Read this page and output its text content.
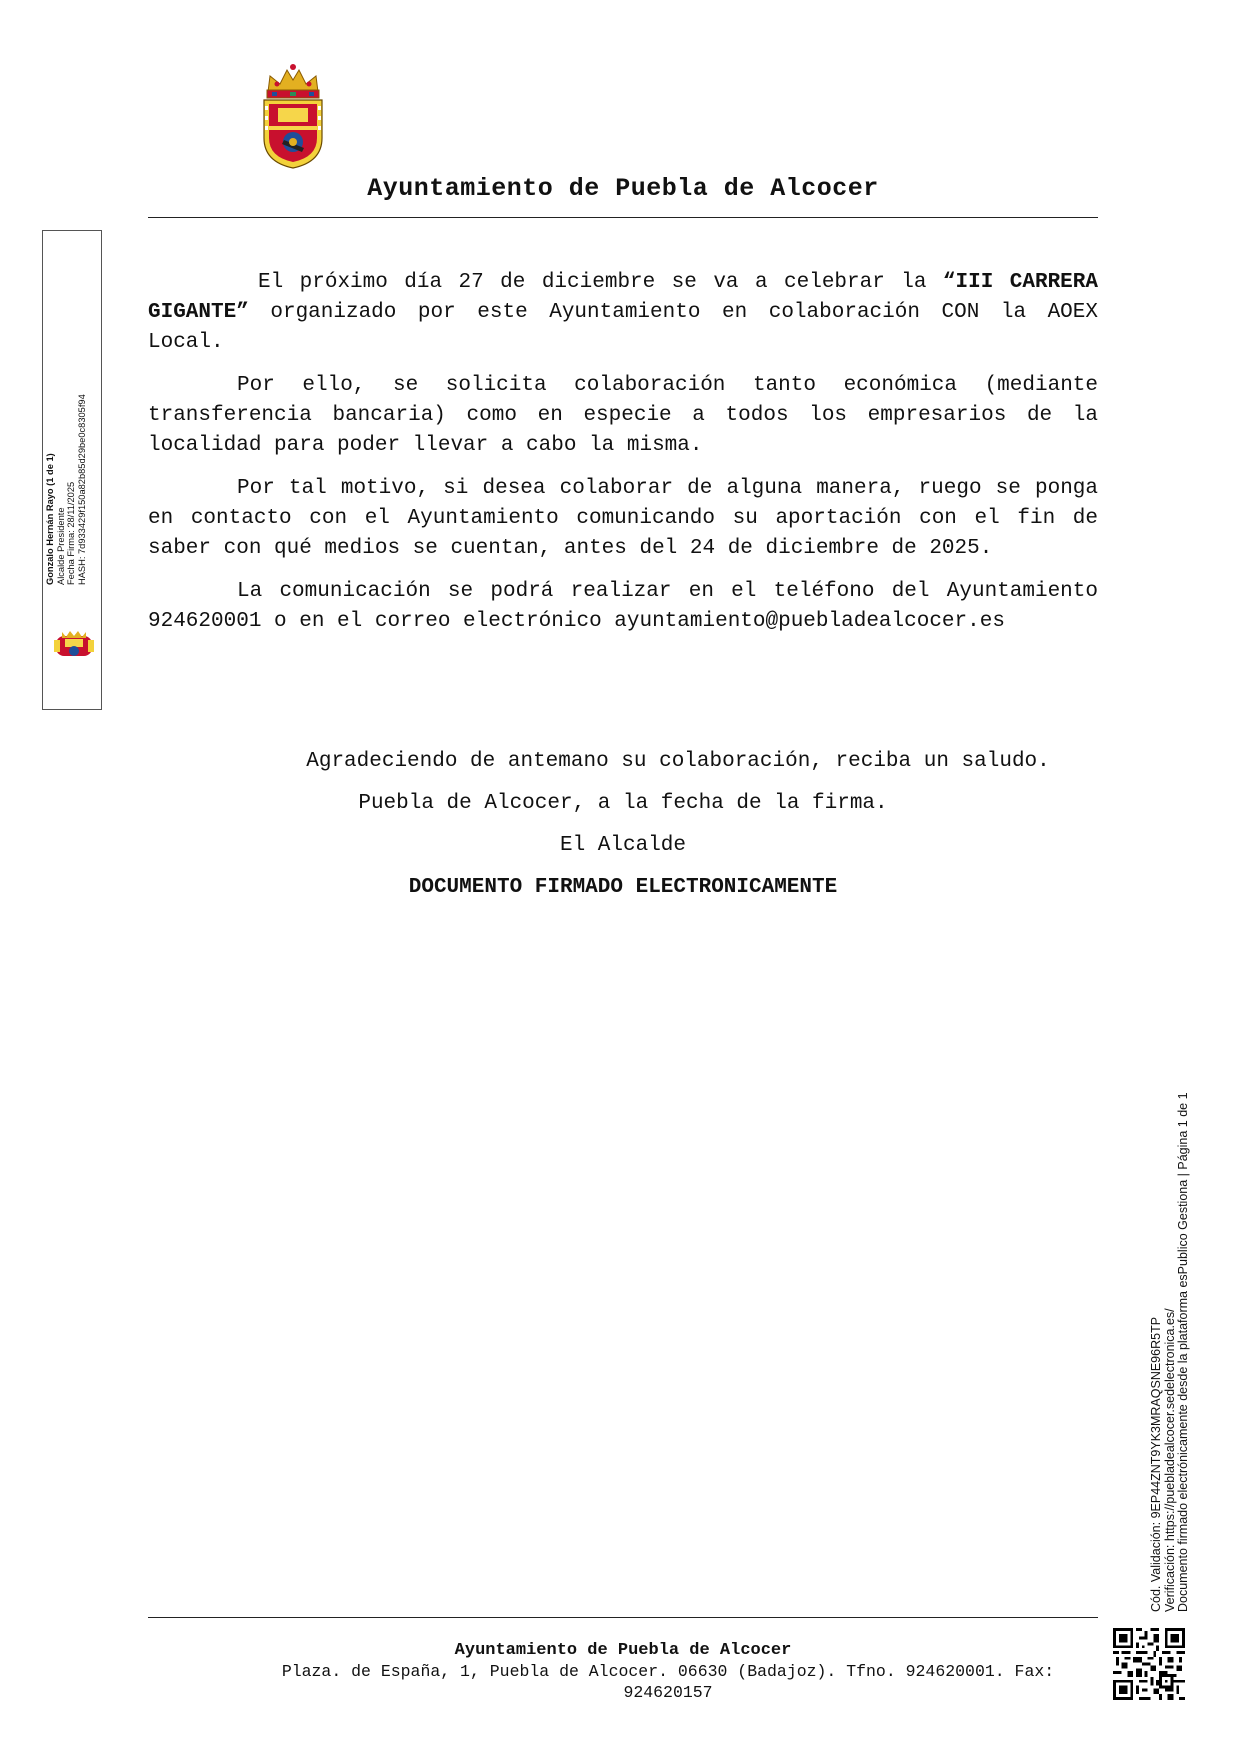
Ayuntamiento de Puebla de Alcocer
Gonzalo Hernán Rayo (1 de 1) Alcalde Presidente Fecha Firma: 28/11/2025 HASH: 7d933429f150a82b85d29be0c8305f94

El próximo día 27 de diciembre se va a celebrar la “III CARRERA GIGANTE” organizado por este Ayuntamiento en colaboración CON la AOEX Local.

Por ello, se solicita colaboración tanto económica (mediante transferencia bancaria) como en especie a todos los empresarios de la localidad para poder llevar a cabo la misma.

Por tal motivo, si desea colaborar de alguna manera, ruego se ponga en contacto con el Ayuntamiento comunicando su aportación con el fin de saber con qué medios se cuentan, antes del 24 de diciembre de 2025.

La comunicación se podrá realizar en el teléfono del Ayuntamiento 924620001 o en el correo electrónico ayuntamiento@puebladealcocer.es

Agradeciendo de antemano su colaboración, reciba un saludo.
Puebla de Alcocer, a la fecha de la firma.
El Alcalde
DOCUMENTO FIRMADO ELECTRONICAMENTE
Cód. Validación: 9EP44ZNT9YK3MRAQSNE96R5TP Verificación: https://puebladealcocer.sedelectronica.es/ Documento firmado electrónicamente desde la plataforma esPublico Gestiona | Página 1 de 1
Ayuntamiento de Puebla de Alcocer
Plaza. de España, 1, Puebla de Alcocer. 06630 (Badajoz). Tfno. 924620001. Fax: 924620157
